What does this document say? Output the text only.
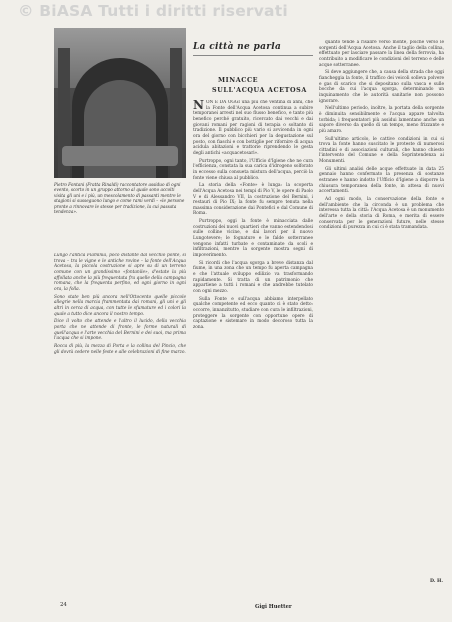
© BiASA Tutti i diritti riservati
Pietro Fontani (Fratta Rinaldi) raccontatore assiduo di ogni evento, scorto in un gruppo attorno al quale sono accolti visita gli uni e i più, un mescolamento di passanti mentre le stagioni si susseguono lungo e come rami verdi – «le persone pronte a rinnovare le stesse per tradizione, la cui passata tendenza».

Lungo l'antica Flaminia, poco distante dal vecchio ponte, si trova – tra le vigne e le antiche rovine – la fonte dell'Acqua Acetosa, la piccola costruzione si apre su di un terreno comune con un grandissimo «fontanile», d'estate la più affollata anche la più frequentata fra quelle della campagna romana, che la frequenta perfino, ed ogni giorno in ogni ora, la folla.

Sono state ben più ancora nell'Ottocento quelle piccole allegrie nella marcia frammentata dai romani, gli uni e gli altri in cerca di acqua, con tutte le sfumature ed i colori la quale a tutto dice ancora il nostro tempo.

Dice il volto che attende e l'altro il lucido, della vecchia porta che ne attende di fronte, le forme naturali di quell'acqua e l'arte vecchia del Bernini e dei suoi, ma prima l'acqua che si impone.

Rocca di più, la mezza di Porta e la collina del Pincio, che gli dovrà cedere nelle feste e alle celebrazioni di fine marzo.

La città ne parla
MINACCE
SULL'ACQUA ACETOSA

NON È DA OGGI una più che ventina di anni, che la Fonte dell'Acqua Acetosa continua a subire temporanei arresti nel suo flusso benefico, e tanto più benefico perché gratuito, ricercato dai vecchi e dai giovani romani per ragioni di terapia o soltanto di tradizione. Il pubblico più vario si avvicenda in ogni ora del giorno con bicchieri per la degustazione sul posto, con fiaschi e con bottiglie per rifornire di acqua acidula abitazioni e trattorie riprendendo le gesta degli antichi «acquacetosari».

Purtroppo, ogni tanto, l'Ufficio d'Igiene che ne cura l'efficienza, constata la sua carica d'idrogeno solforato in eccesso sulla consueta mistura dell'acqua, perciò la fonte viene chiusa al pubblico.

La storia della «Fonte» è lunga: la scoperta dell'Acqua Acetosa nei tempi di Pio V, le opere di Paolo V e di Alessandro VII, la costruzione del Bernini, i restauri di Pio IX; la fonte fu sempre tenuta nella massima considerazione dai Pontefici e dal Comune di Roma.

Purtroppo, oggi la fonte è minacciata dalle costruzioni dei nuovi quartieri che vanno estendendosi sulle colline vicine, e dai lavori per il nuovo Lungotevere; le fognature e le falde sotterranee vengono infatti turbate e contaminate da scoli e infiltrazioni, mentre la sorgente mostra segni di impoverimento.

Si ricordi che l'acqua sgorga a breve distanza dal fiume, in una zona che un tempo fu aperta campagna e che l'attuale sviluppo edilizio va trasformando rapidamente. Si tratta di un patrimonio che appartiene a tutti i romani e che andrebbe tutelato con ogni mezzo.

Sulla Fonte e sull'acqua abbiamo interpellato qualche competente ed ecco quanto ci è stato detto: occorre, innanzitutto, studiare con cura le infiltrazioni, proteggere la sorgente con opportune opere di captazione e sistemare in modo decoroso tutta la zona.

Gigi Huetter

quanto tende a risalire verso monte, poiché verso le sorgenti dell'Acqua Acetosa. Anche il taglio della collina, effettuato per lasciare passare la linea della ferrovia, ha contribuito a modificare le condizioni del terreno e delle acque sotterranee.

Si deve aggiungere che, a causa della strada che oggi fiancheggia la fonte, il traffico dei veicoli solleva polvere e gas di scarico che si depositano sulla vasca e sulle bocche da cui l'acqua sgorga, determinando un inquinamento che le autorità sanitarie non possono ignorare.

Nell'ultimo periodo, inoltre, la portata della sorgente è diminuita sensibilmente e l'acqua appare talvolta torbida; i frequentatori più assidui lamentano anche un sapore diverso da quello di un tempo, meno frizzante e più amaro.

Sull'ultimo articolo, le cattive condizioni in cui si trova la fonte hanno suscitato le proteste di numerosi cittadini e di associazioni culturali, che hanno chiesto l'intervento del Comune e della Soprintendenza ai Monumenti.

Gli ultimi analisi delle acque effettuate in data 25 gennaio hanno confermato la presenza di sostanze estranee e hanno indotto l'Ufficio d'Igiene a disporre la chiusura temporanea della fonte, in attesa di nuovi accertamenti.

Ad ogni modo, la conservazione della fonte e dell'ambiente che la circonda è un problema che interessa tutta la città: l'Acqua Acetosa è un monumento dell'arte e della storia di Roma, e merita di essere conservata per le generazioni future, nelle stesse condizioni di purezza in cui ci è stata tramandata.

D. H.
24
